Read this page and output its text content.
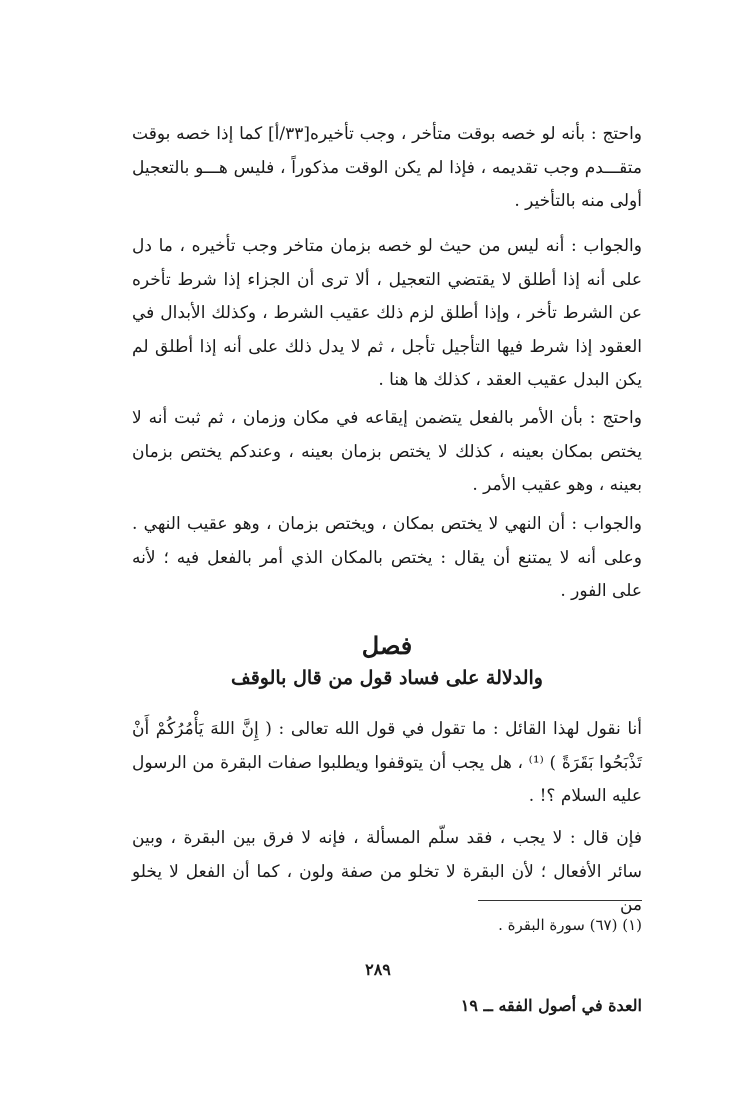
واحتج : بأنه لو خصه بوقت متأخر ، وجب تأخيره[٣٣/أ] كما إذا خصه بوقت متقـــدم وجب تقديمه ، فإذا لم يكن الوقت مذكوراً ، فليس هـــو بالتعجيل أولى منه بالتأخير .

والجواب : أنه ليس من حيث لو خصه بزمان متاخر وجب تأخيره ، ما دل على أنه إذا أطلق لا يقتضي التعجيل ، ألا ترى أن الجزاء إذا شرط تأخره عن الشرط تأخر ، وإذا أطلق لزم ذلك عقيب الشرط ، وكذلك الأبدال في العقود إذا شرط فيها التأجيل تأجل ، ثم لا يدل ذلك على أنه إذا أطلق لم يكن البدل عقيب العقد ، كذلك ها هنا .

واحتج : بأن الأمر بالفعل يتضمن إيقاعه في مكان وزمان ، ثم ثبت أنه لا يختص بمكان بعينه ، كذلك لا يختص بزمان بعينه ، وعندكم يختص بزمان بعينه ، وهو عقيب الأمر .

والجواب : أن النهي لا يختص بمكان ، ويختص بزمان ، وهو عقيب النهي . وعلى أنه لا يمتنع أن يقال : يختص بالمكان الذي أمر بالفعل فيه ؛ لأنه على الفور .

فصل
والدلالة على فساد قول من قال بالوقف

أنا نقول لهذا القائل : ما تقول في قول الله تعالى : ( إِنَّ اللهَ يَأْمُرُكُمْ أَنْ تَذْبَحُوا بَقَرَةً ) ⁽¹⁾ ، هل يجب أن يتوقفوا ويطلبوا صفات البقرة من الرسول عليه السلام ؟! .

فإن قال : لا يجب ، فقد سلّم المسألة ، فإنه لا فرق بين البقرة ، وبين سائر الأفعال ؛ لأن البقرة لا تخلو من صفة ولون ، كما أن الفعل لا يخلو من

(١) (٦٧) سورة البقرة .
٢٨٩
العدة في أصول الفقه ــ ١٩
